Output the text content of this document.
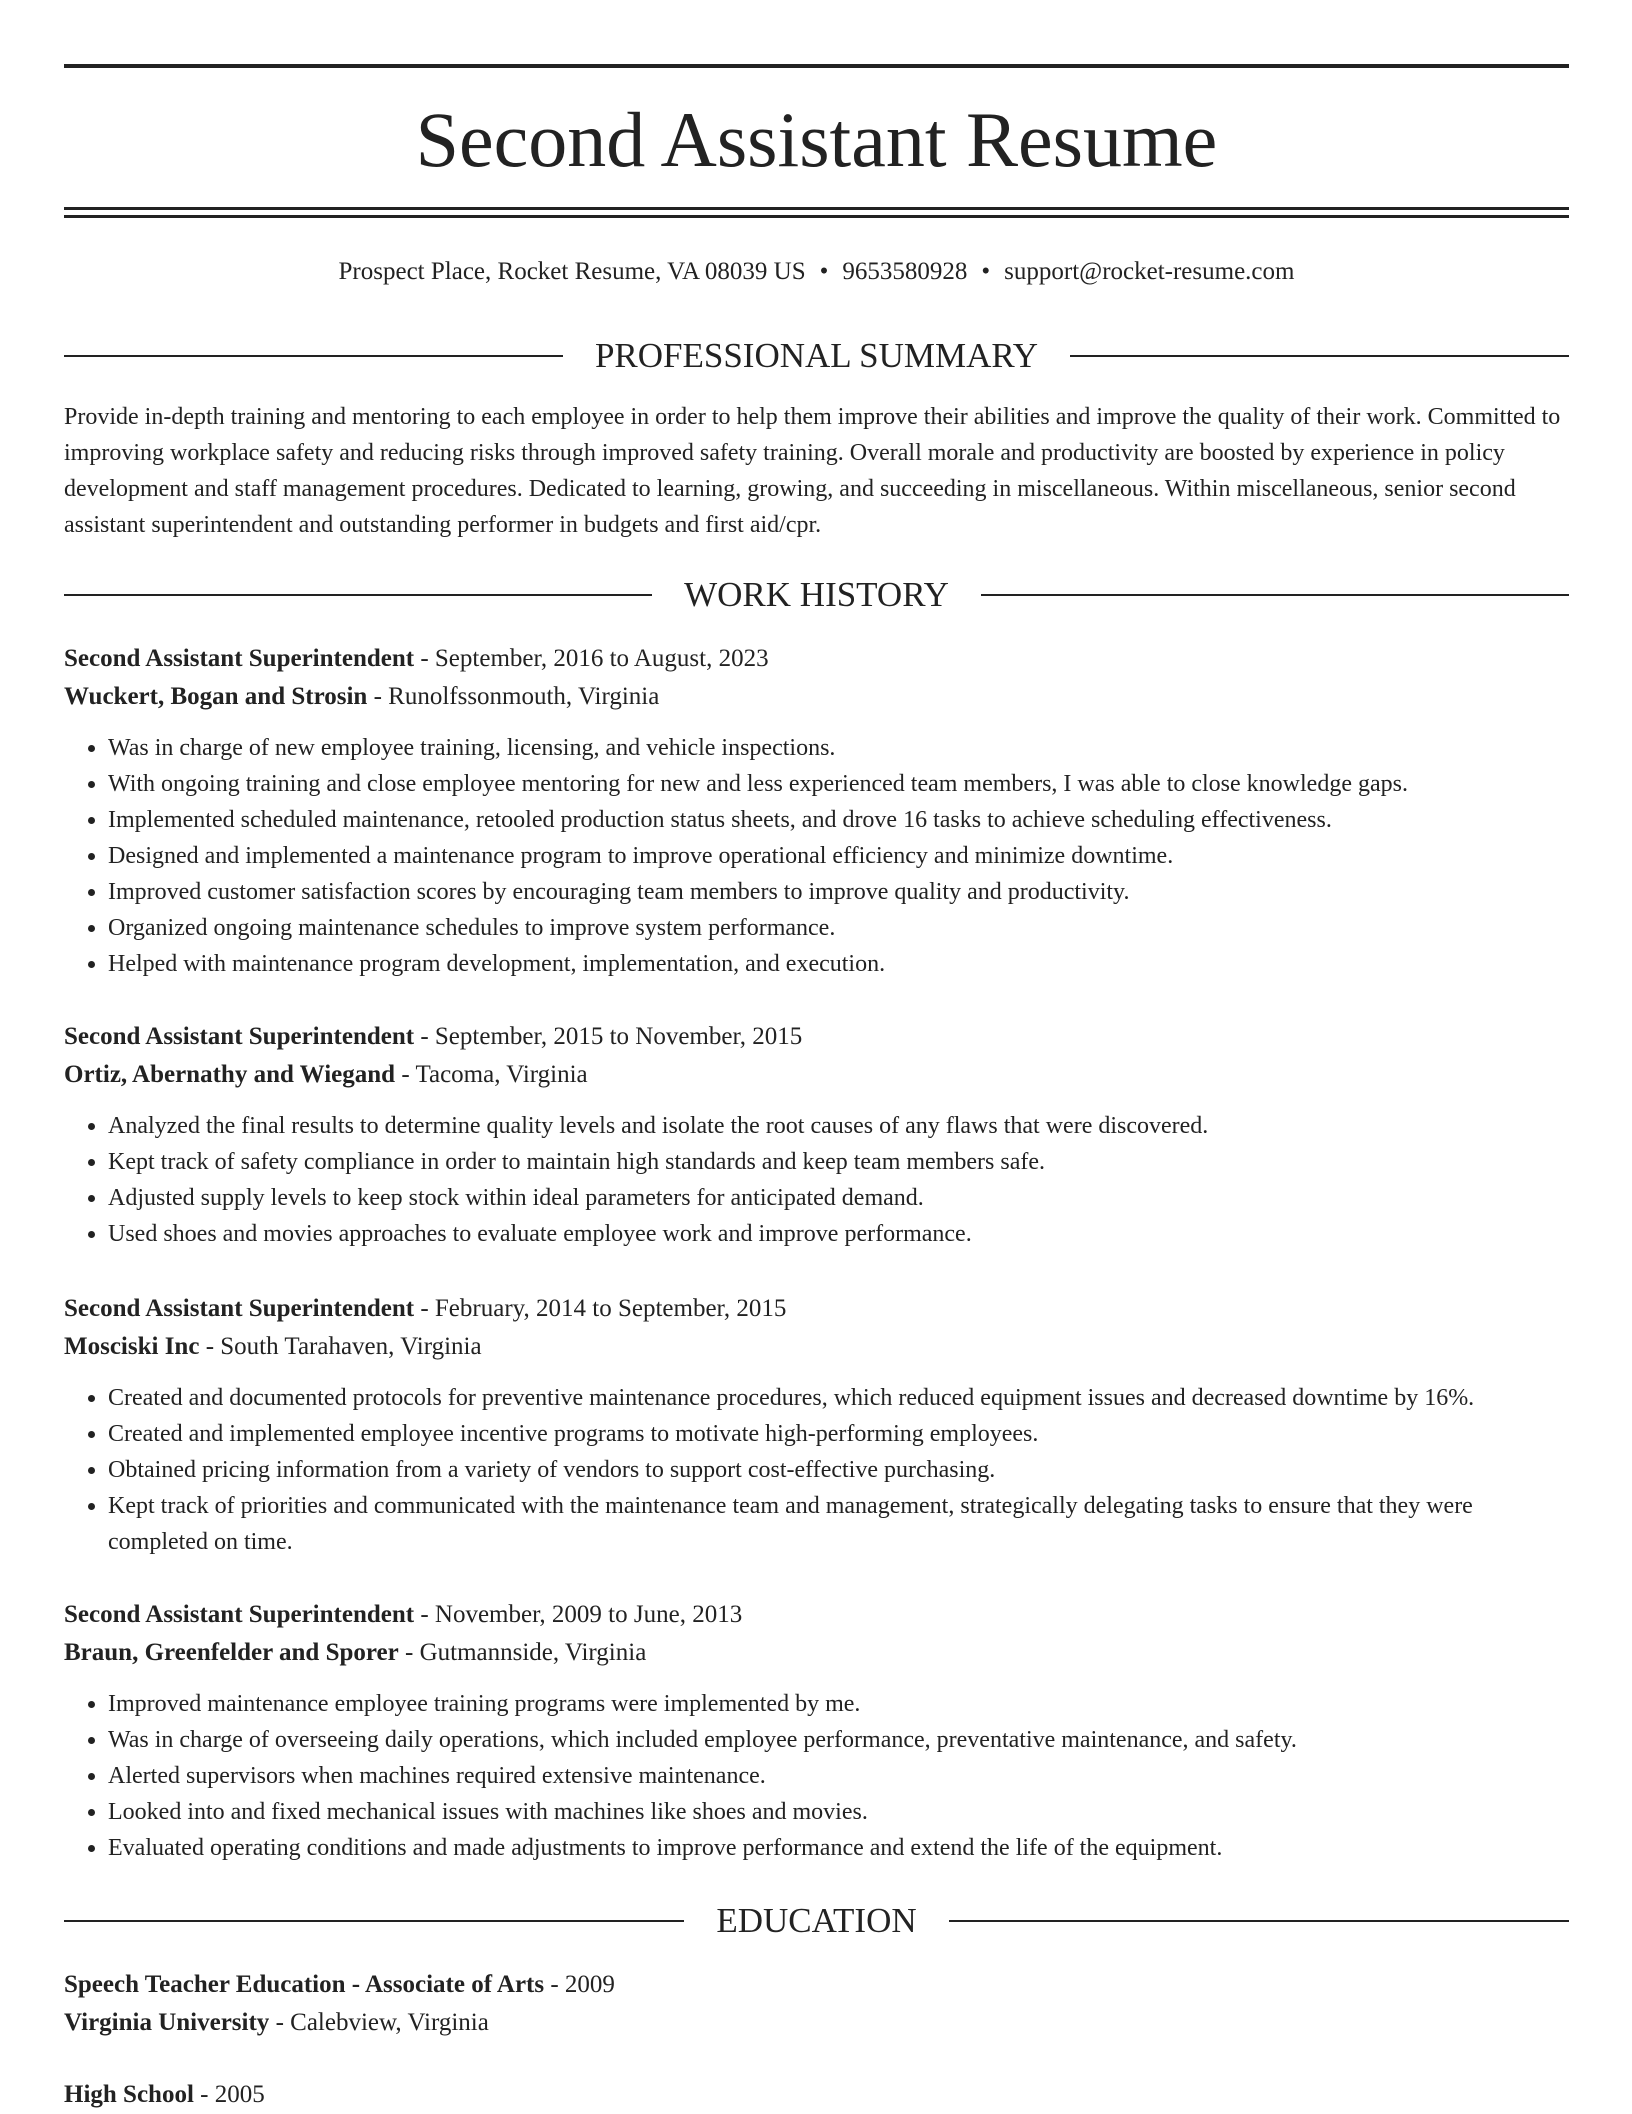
Second Assistant Resume
Prospect Place, Rocket Resume, VA 08039 US • 9653580928 • support@rocket-resume.com
PROFESSIONAL SUMMARY

Provide in-depth training and mentoring to each employee in order to help them improve their abilities and improve the quality of their work. Committed to improving workplace safety and reducing risks through improved safety training. Overall morale and productivity are boosted by experience in policy development and staff management procedures. Dedicated to learning, growing, and succeeding in miscellaneous. Within miscellaneous, senior second assistant superintendent and outstanding performer in budgets and first aid/cpr.

WORK HISTORY
Second Assistant Superintendent - September, 2016 to August, 2023
Wuckert, Bogan and Strosin - Runolfssonmouth, Virginia
• Was in charge of new employee training, licensing, and vehicle inspections.
• With ongoing training and close employee mentoring for new and less experienced team members, I was able to close knowledge gaps.
• Implemented scheduled maintenance, retooled production status sheets, and drove 16 tasks to achieve scheduling effectiveness.
• Designed and implemented a maintenance program to improve operational efficiency and minimize downtime.
• Improved customer satisfaction scores by encouraging team members to improve quality and productivity.
• Organized ongoing maintenance schedules to improve system performance.
• Helped with maintenance program development, implementation, and execution.
Second Assistant Superintendent - September, 2015 to November, 2015
Ortiz, Abernathy and Wiegand - Tacoma, Virginia
• Analyzed the final results to determine quality levels and isolate the root causes of any flaws that were discovered.
• Kept track of safety compliance in order to maintain high standards and keep team members safe.
• Adjusted supply levels to keep stock within ideal parameters for anticipated demand.
• Used shoes and movies approaches to evaluate employee work and improve performance.
Second Assistant Superintendent - February, 2014 to September, 2015
Mosciski Inc - South Tarahaven, Virginia
• Created and documented protocols for preventive maintenance procedures, which reduced equipment issues and decreased downtime by 16%.
• Created and implemented employee incentive programs to motivate high-performing employees.
• Obtained pricing information from a variety of vendors to support cost-effective purchasing.
• Kept track of priorities and communicated with the maintenance team and management, strategically delegating tasks to ensure that they were completed on time.
Second Assistant Superintendent - November, 2009 to June, 2013
Braun, Greenfelder and Sporer - Gutmannside, Virginia
• Improved maintenance employee training programs were implemented by me.
• Was in charge of overseeing daily operations, which included employee performance, preventative maintenance, and safety.
• Alerted supervisors when machines required extensive maintenance.
• Looked into and fixed mechanical issues with machines like shoes and movies.
• Evaluated operating conditions and made adjustments to improve performance and extend the life of the equipment.
EDUCATION
Speech Teacher Education - Associate of Arts - 2009
Virginia University - Calebview, Virginia
High School - 2005
